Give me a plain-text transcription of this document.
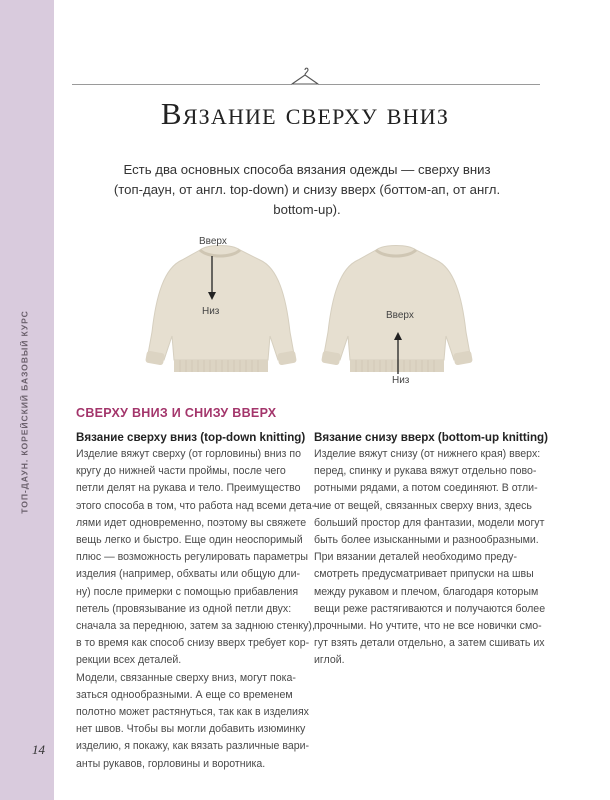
ТОП-ДАУН. КОРЕЙСКИЙ БАЗОВЫЙ КУРС
14
Вязание сверху вниз
Есть два основных способа вязания одежды — сверху вниз
(топ-даун, от англ. top-down) и снизу вверх (боттом-ап, от англ. bottom-up).
Вверх
Низ	Вверх
Низ
СВЕРХУ ВНИЗ И СНИЗУ ВВЕРХ
Вязание сверху вниз (top-down knitting) Вязание снизу вверх (bottom-up knitting)
Изделие вяжут сверху (от горловины) вниз по
кругу до нижней части проймы, после чего
петли делят на рукава и тело. Преимущество
этого способа в том, что работа над всеми дета-
лями идет одновременно, поэтому вы свяжете
вещь легко и быстро. Еще один неоспоримый
плюс — возможность регулировать параметры
изделия (например, обхваты или общую дли-
ну) после примерки с помощью прибавления
петель (провязывание из одной петли двух:
сначала за переднюю, затем за заднюю стенку),
в то время как способ снизу вверх требует кор-
рекции всех деталей.
Модели, связанные сверху вниз, могут пока-
заться однообразными. А еще со временем
полотно может растянуться, так как в изделиях
нет швов. Чтобы вы могли добавить изюминку
изделию, я покажу, как вязать различные вари-
анты рукавов, горловины и воротника.
Изделие вяжут снизу (от нижнего края) вверх:
перед, спинку и рукава вяжут отдельно пово-
ротными рядами, а потом соединяют. В отли-
чие от вещей, связанных сверху вниз, здесь
больший простор для фантазии, модели могут
быть более изысканными и разнообразными.
При вязании деталей необходимо преду-
смотреть предусматривает припуски на швы
между рукавом и плечом, благодаря которым
вещи реже растягиваются и получаются более
прочными. Но учтите, что не все новички смо-
гут взять детали отдельно, а затем сшивать их
иглой.
